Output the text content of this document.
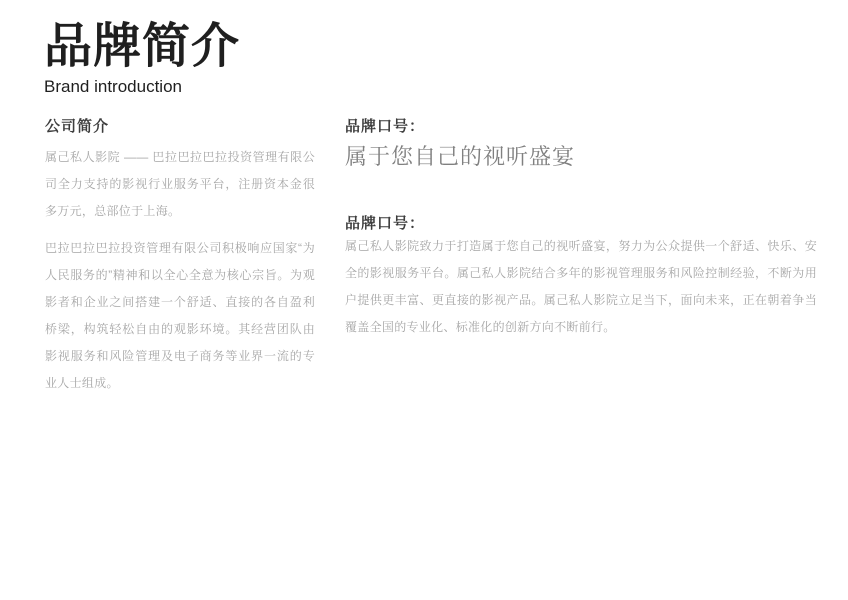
品牌简介
Brand introduction
公司简介

属己私人影院 —— 巴拉巴拉巴拉投资管理有限公司全力支持的影视行业服务平台，注册资本金很多万元，总部位于上海。

巴拉巴拉巴拉投资管理有限公司积极响应国家“为人民服务的”精神和以全心全意为核心宗旨。为观影者和企业之间搭建一个舒适、直接的各自盈利桥梁，构筑轻松自由的观影环境。其经营团队由影视服务和风险管理及电子商务等业界一流的专业人士组成。

品牌口号：

属于您自己的视听盛宴

品牌口号：

属己私人影院致力于打造属于您自己的视听盛宴，努力为公众提供一个舒适、快乐、安全的影视服务平台。属己私人影院结合多年的影视管理服务和风险控制经验，不断为用户提供更丰富、更直接的影视产品。属己私人影院立足当下，面向未来，正在朝着争当覆盖全国的专业化、标准化的创新方向不断前行。
